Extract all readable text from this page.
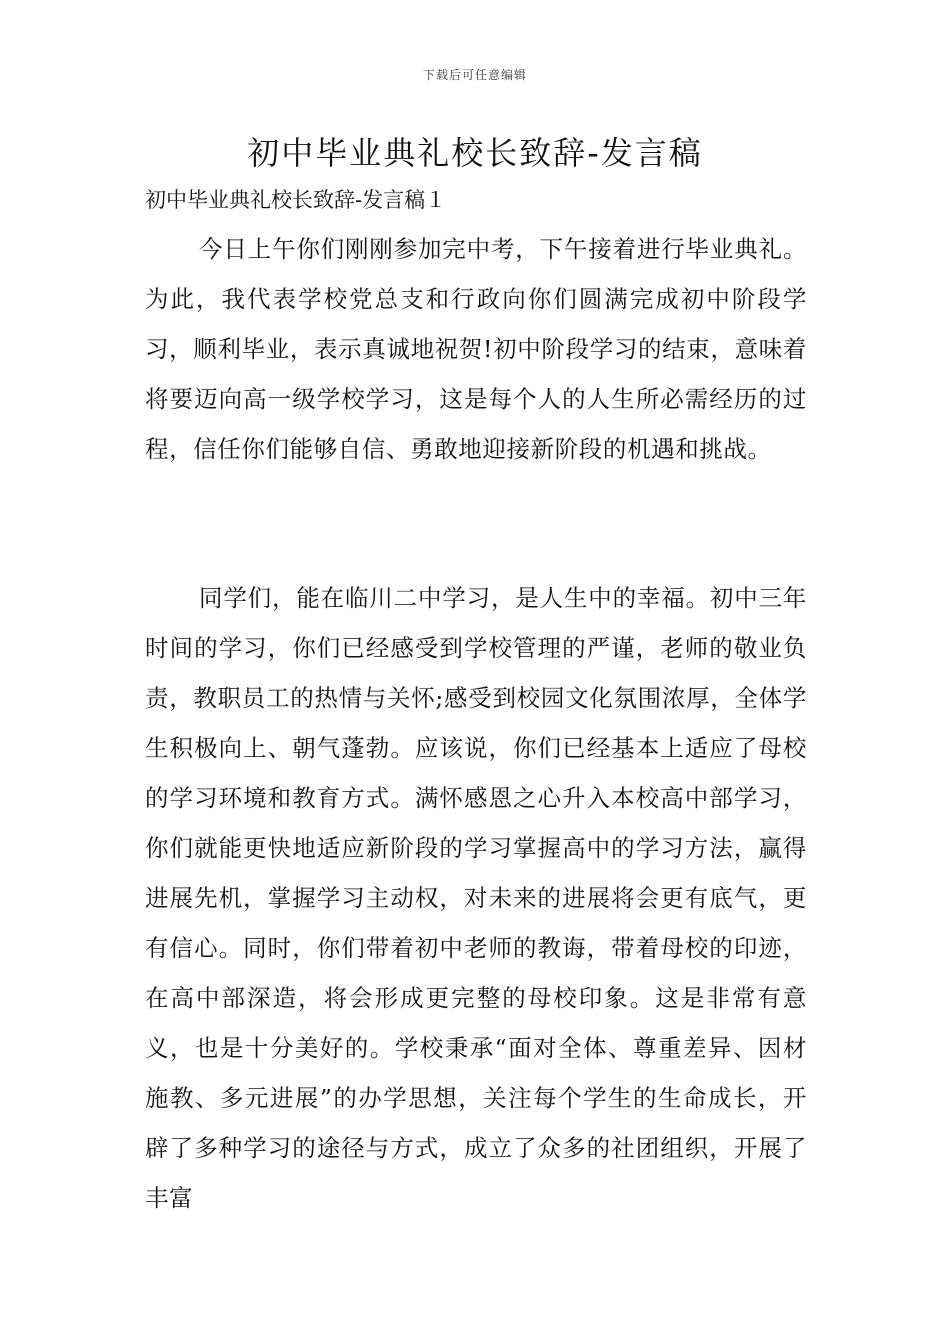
下载后可任意编辑
初中毕业典礼校长致辞-发言稿

初中毕业典礼校长致辞-发言稿１

今日上午你们刚刚参加完中考，下午接着进行毕业典礼。为此，我代表学校党总支和行政向你们圆满完成初中阶段学习，顺利毕业，表示真诚地祝贺!初中阶段学习的结束，意味着将要迈向高一级学校学习，这是每个人的人生所必需经历的过程，信任你们能够自信、勇敢地迎接新阶段的机遇和挑战。

同学们，能在临川二中学习，是人生中的幸福。初中三年时间的学习，你们已经感受到学校管理的严谨，老师的敬业负责，教职员工的热情与关怀;感受到校园文化氛围浓厚，全体学生积极向上、朝气蓬勃。应该说，你们已经基本上适应了母校的学习环境和教育方式。满怀感恩之心升入本校高中部学习，你们就能更快地适应新阶段的学习掌握高中的学习方法，赢得进展先机，掌握学习主动权，对未来的进展将会更有底气，更有信心。同时，你们带着初中老师的教诲，带着母校的印迹，在高中部深造，将会形成更完整的母校印象。这是非常有意义，也是十分美好的。学校秉承“面对全体、尊重差异、因材施教、多元进展”的办学思想，关注每个学生的生命成长，开辟了多种学习的途径与方式，成立了众多的社团组织，开展了丰富
